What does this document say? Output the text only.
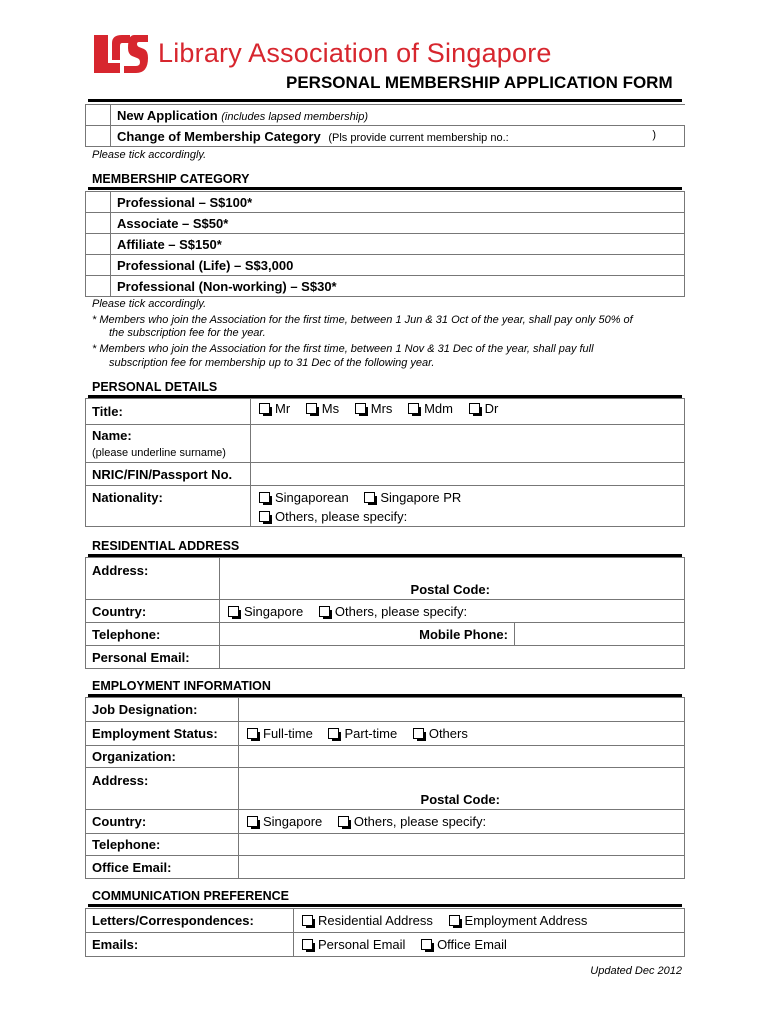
Library Association of Singapore
PERSONAL MEMBERSHIP APPLICATION FORM
	New Application (includes lapsed membership)
	Change of Membership Category (Pls provide current membership no.: )
Please tick accordingly.
MEMBERSHIP CATEGORY
	Professional – S$100*
	Associate – S$50*
	Affiliate – S$150*
	Professional (Life) – S$3,000
	Professional (Non-working) – S$30*
Please tick accordingly.
* Members who join the Association for the first time, between 1 Jun & 31 Oct of the year, shall pay only 50% of
the subscription fee for the year.
* Members who join the Association for the first time, between 1 Nov & 31 Dec of the year, shall pay full
subscription fee for membership up to 31 Dec of the following year.
PERSONAL DETAILS
Title:	Mr Ms Mrs Mdm Dr

Name:
(please underline surname)	

NRIC/FIN/Passport No.	
Nationality:	Singaporean Singapore PR
Others, please specify:
RESIDENTIAL ADDRESS
Address:	Postal Code:	
Country:	Singapore Others, please specify:	
Telephone:	Mobile Phone:	
Personal Email:		
EMPLOYMENT INFORMATION
Job Designation:	
Employment Status:	Full-time Part-time Others
Organization:	
Address:	Postal Code:
Country:	Singapore Others, please specify:
Telephone:	
Office Email:	
COMMUNICATION PREFERENCE
Letters/Correspondences:	Residential Address Employment Address
Emails:	Personal Email Office Email
Updated Dec 2012
